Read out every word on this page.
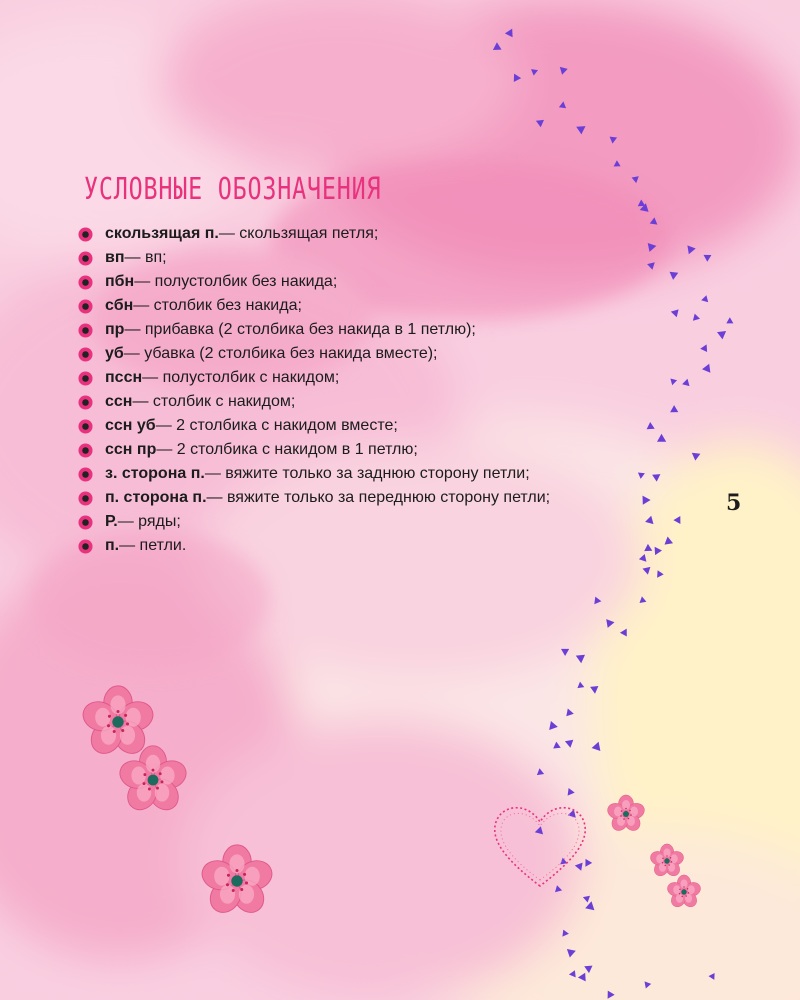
УСЛОВНЫЕ ОБОЗНАЧЕНИЯ
скользящая п. — скользящая петля;
вп — вп;
пбн — полустолбик без накида;
сбн — столбик без накида;
пр — прибавка (2 столбика без накида в 1 петлю);
уб — убавка (2 столбика без накида вместе);
пссн — полустолбик с накидом;
ссн — столбик с накидом;
ссн уб — 2 столбика с накидом вместе;
ссн пр — 2 столбика с накидом в 1 петлю;
з. сторона п. — вяжите только за заднюю сторону петли;
п. сторона п. — вяжите только за переднюю сторону петли;
Р. — ряды;
п. — петли.
5
